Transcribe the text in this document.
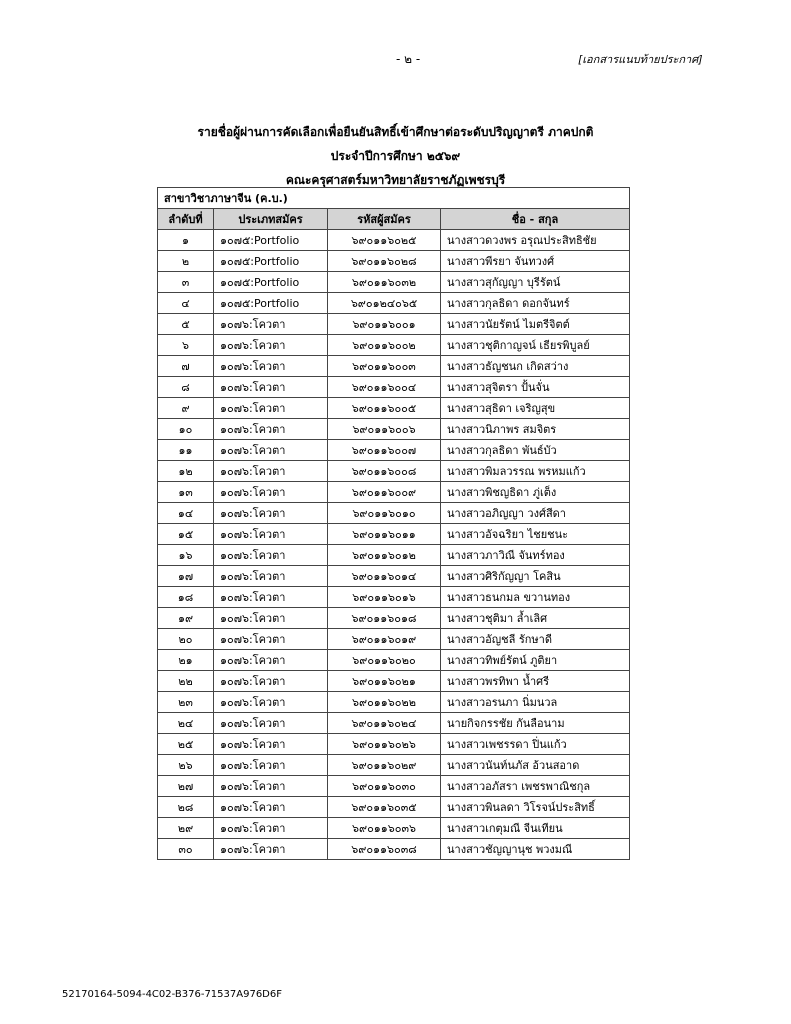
- ๒ -	[เอกสารแนบท้ายประกาศ]
รายชื่อผู้ผ่านการคัดเลือกเพื่อยืนยันสิทธิ์เข้าศึกษาต่อระดับปริญญาตรี ภาคปกติ
ประจำปีการศึกษา ๒๕๖๙
คณะครุศาสตร์มหาวิทยาลัยราชภัฏเพชรบุรี
สาขาวิชาภาษาจีน (ค.บ.)			
ลำดับที่	ประเภทสมัคร	รหัสผู้สมัคร	ชื่อ - สกุล
๑	๑๐๗๕:Portfolio	๖๙๐๑๑๖๐๒๕	นางสาวดวงพร อรุณประสิทธิชัย
๒	๑๐๗๕:Portfolio	๖๙๐๑๑๖๐๒๘	นางสาวพีรยา จันทวงศ์
๓	๑๐๗๕:Portfolio	๖๙๐๑๑๖๐๓๒	นางสาวสุกัญญา บุรีรัตน์
๔	๑๐๗๕:Portfolio	๖๙๐๑๒๔๐๖๕	นางสาวกุลธิดา ดอกจันทร์
๕	๑๐๗๖:โควตา	๖๙๐๑๑๖๐๐๑	นางสาวนัยรัตน์ ไมตรีจิตต์
๖	๑๐๗๖:โควตา	๖๙๐๑๑๖๐๐๒	นางสาวชุติกาญจน์ เธียรพิบูลย์
๗	๑๐๗๖:โควตา	๖๙๐๑๑๖๐๐๓	นางสาวธัญชนก เกิดสว่าง
๘	๑๐๗๖:โควตา	๖๙๐๑๑๖๐๐๔	นางสาวสุจิตรา ปั้นจั่น
๙	๑๐๗๖:โควตา	๖๙๐๑๑๖๐๐๕	นางสาวสุธิดา เจริญสุข
๑๐	๑๐๗๖:โควตา	๖๙๐๑๑๖๐๐๖	นางสาวนิภาพร สมจิตร
๑๑	๑๐๗๖:โควตา	๖๙๐๑๑๖๐๐๗	นางสาวกุลธิดา พันธ์บัว
๑๒	๑๐๗๖:โควตา	๖๙๐๑๑๖๐๐๘	นางสาวพิมลวรรณ พรหมแก้ว
๑๓	๑๐๗๖:โควตา	๖๙๐๑๑๖๐๐๙	นางสาวพิชญธิดา ภู่เต็ง
๑๔	๑๐๗๖:โควตา	๖๙๐๑๑๖๐๑๐	นางสาวอภิญญา วงศ์สีดา
๑๕	๑๐๗๖:โควตา	๖๙๐๑๑๖๐๑๑	นางสาวอัจฉริยา ไชยชนะ
๑๖	๑๐๗๖:โควตา	๖๙๐๑๑๖๐๑๒	นางสาวภาวิณี จันทร์ทอง
๑๗	๑๐๗๖:โควตา	๖๙๐๑๑๖๐๑๔	นางสาวศิริกัญญา โคสิน
๑๘	๑๐๗๖:โควตา	๖๙๐๑๑๖๐๑๖	นางสาวธนกมล ขวานทอง
๑๙	๑๐๗๖:โควตา	๖๙๐๑๑๖๐๑๘	นางสาวชุติมา ล้ำเลิศ
๒๐	๑๐๗๖:โควตา	๖๙๐๑๑๖๐๑๙	นางสาวอัญชลี รักษาดี
๒๑	๑๐๗๖:โควตา	๖๙๐๑๑๖๐๒๐	นางสาวทิพย์รัตน์ ภูติยา
๒๒	๑๐๗๖:โควตา	๖๙๐๑๑๖๐๒๑	นางสาวพรทิพา น้ำศรี
๒๓	๑๐๗๖:โควตา	๖๙๐๑๑๖๐๒๒	นางสาวอรนภา นิ่มนวล
๒๔	๑๐๗๖:โควตา	๖๙๐๑๑๖๐๒๔	นายกิจกรรชัย กันลือนาม
๒๕	๑๐๗๖:โควตา	๖๙๐๑๑๖๐๒๖	นางสาวเพชรรดา ปิ่นแก้ว
๒๖	๑๐๗๖:โควตา	๖๙๐๑๑๖๐๒๙	นางสาวนันท์นภัส อ้วนสอาด
๒๗	๑๐๗๖:โควตา	๖๙๐๑๑๖๐๓๐	นางสาวอภัสรา เพชรพาณิชกุล
๒๘	๑๐๗๖:โควตา	๖๙๐๑๑๖๐๓๕	นางสาวพินลดา วิโรจน์ประสิทธิ์
๒๙	๑๐๗๖:โควตา	๖๙๐๑๑๖๐๓๖	นางสาวเกตุมณี จีนเทียน
๓๐	๑๐๗๖:โควตา	๖๙๐๑๑๖๐๓๘	นางสาวชัญญานุช พวงมณี
52170164-5094-4C02-B376-71537A976D6F
